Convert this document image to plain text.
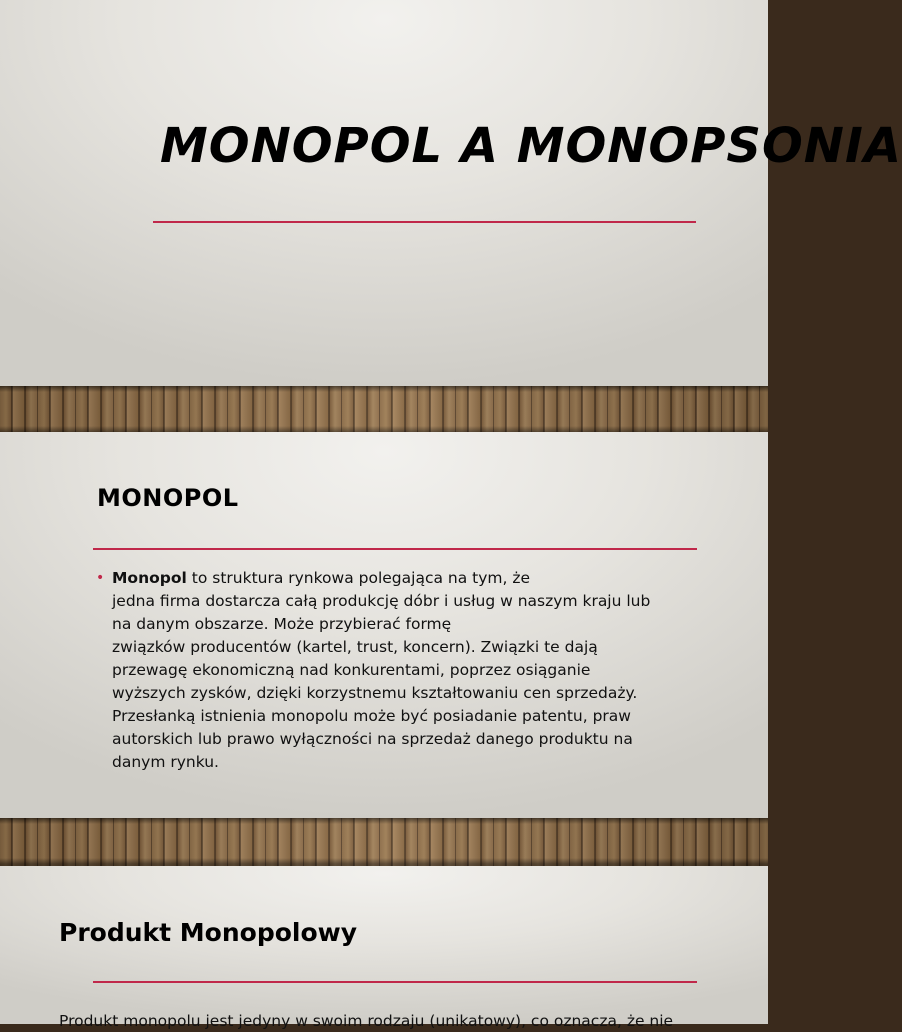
MONOPOL A MONOPSONIA
MONOPOL
• Monopol to struktura rynkowa polegająca na tym, że

jedna firma dostarcza całą produkcję dóbr i usług w naszym kraju lub

na danym obszarze. Może przybierać formę

związków producentów (kartel, trust, koncern). Związki te dają

przewagę ekonomiczną nad konkurentami, poprzez osiąganie

wyższych zysków, dzięki korzystnemu kształtowaniu cen sprzedaży.

Przesłanką istnienia monopolu może być posiadanie patentu, praw

autorskich lub prawo wyłączności na sprzedaż danego produktu na

danym rynku.

Produkt Monopolowy

Produkt monopolu jest jedyny w swoim rodzaju (unikatowy), co oznacza, że nie
